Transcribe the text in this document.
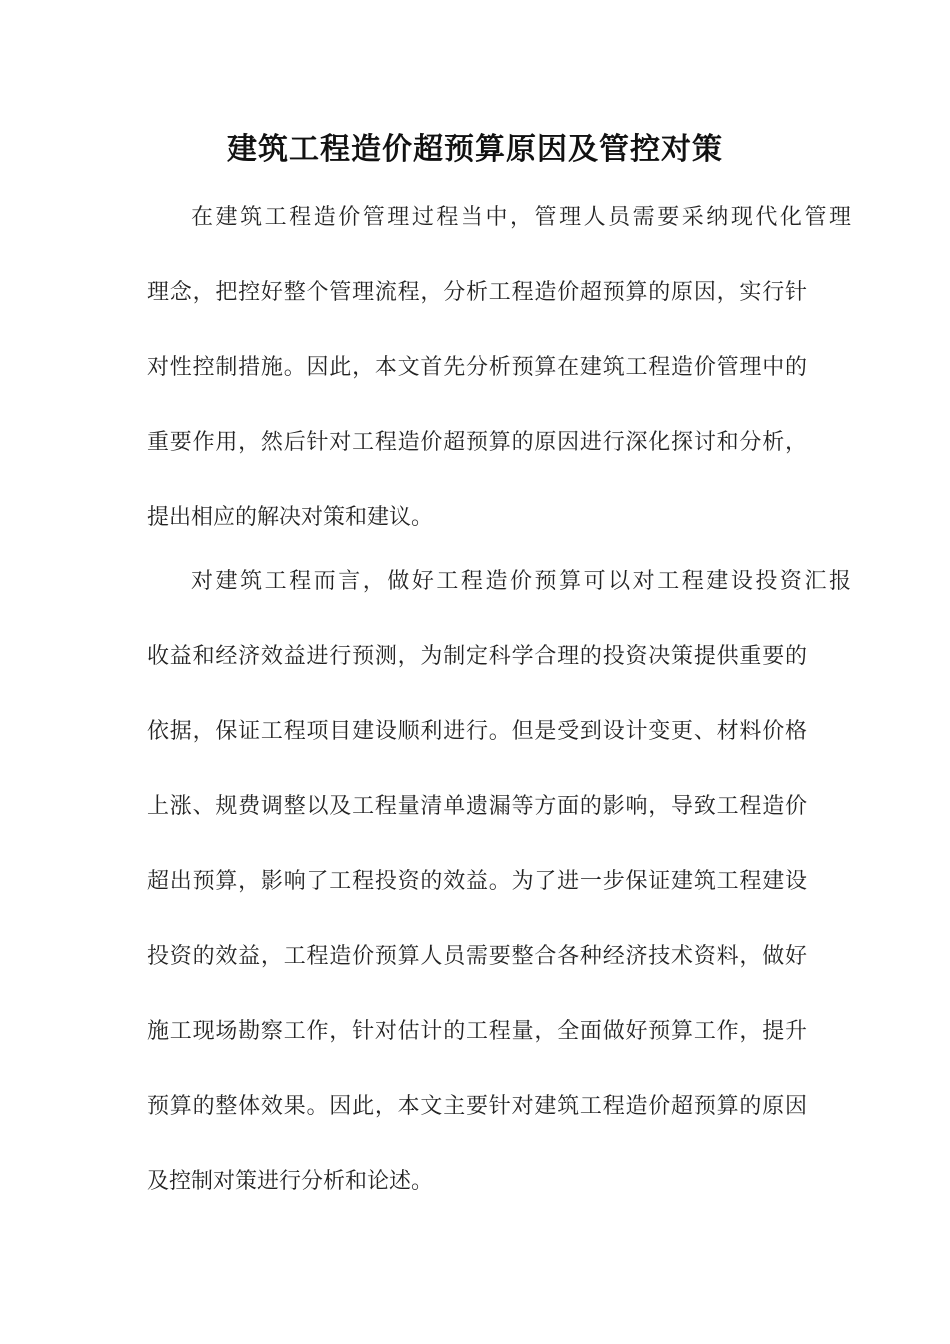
建筑工程造价超预算原因及管控对策
在建筑工程造价管理过程当中，管理人员需要采纳现代化管理
理念，把控好整个管理流程，分析工程造价超预算的原因，实行针
对性控制措施。因此，本文首先分析预算在建筑工程造价管理中的
重要作用，然后针对工程造价超预算的原因进行深化探讨和分析，
提出相应的解决对策和建议。
对建筑工程而言，做好工程造价预算可以对工程建设投资汇报
收益和经济效益进行预测，为制定科学合理的投资决策提供重要的
依据，保证工程项目建设顺利进行。但是受到设计变更、材料价格
上涨、规费调整以及工程量清单遗漏等方面的影响，导致工程造价
超出预算，影响了工程投资的效益。为了进一步保证建筑工程建设
投资的效益，工程造价预算人员需要整合各种经济技术资料，做好
施工现场勘察工作，针对估计的工程量，全面做好预算工作，提升
预算的整体效果。因此，本文主要针对建筑工程造价超预算的原因
及控制对策进行分析和论述。
